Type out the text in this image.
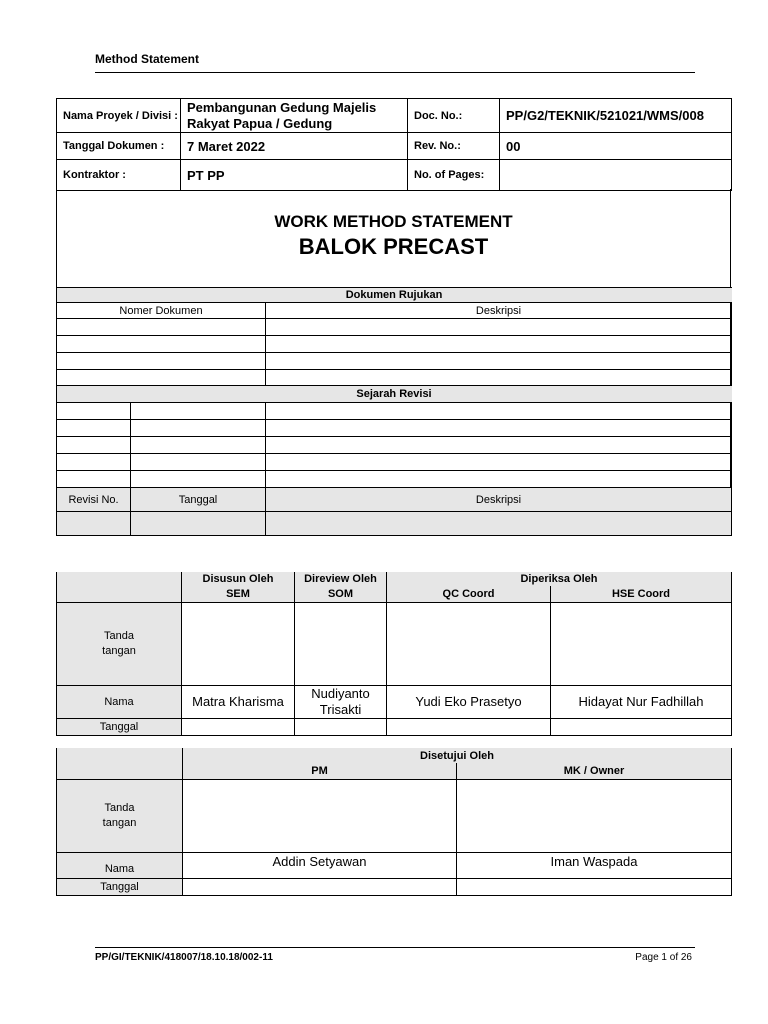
Method Statement
Nama Proyek / Divisi :	Pembangunan Gedung Majelis Rakyat Papua / Gedung	Doc. No.:	PP/G2/TEKNIK/521021/WMS/008
Tanggal Dokumen :	7 Maret 2022	Rev. No.:	00
Kontraktor :	PT PP	No. of Pages:	
WORK METHOD STATEMENT
BALOK PRECAST
Dokumen Rujukan	
Nomer Dokumen	Deskripsi

Sejarah Revisi		

Revisi No.	Tanggal	Deskripsi

	Disusun Oleh	Direview Oleh	Diperiksa Oleh	
	SEM	SOM	QC Coord	HSE Coord
Tanda tangan				
Nama	Matra Kharisma	Nudiyanto Trisakti	Yudi Eko Prasetyo	Hidayat Nur Fadhillah
Tanggal				
	Disetujui Oleh	
	PM	MK / Owner
Tanda tangan		
Nama	Addin Setyawan	Iman Waspada
Tanggal		
PP/GI/TEKNIK/418007/18.10.18/002-11	Page 1 of 26
